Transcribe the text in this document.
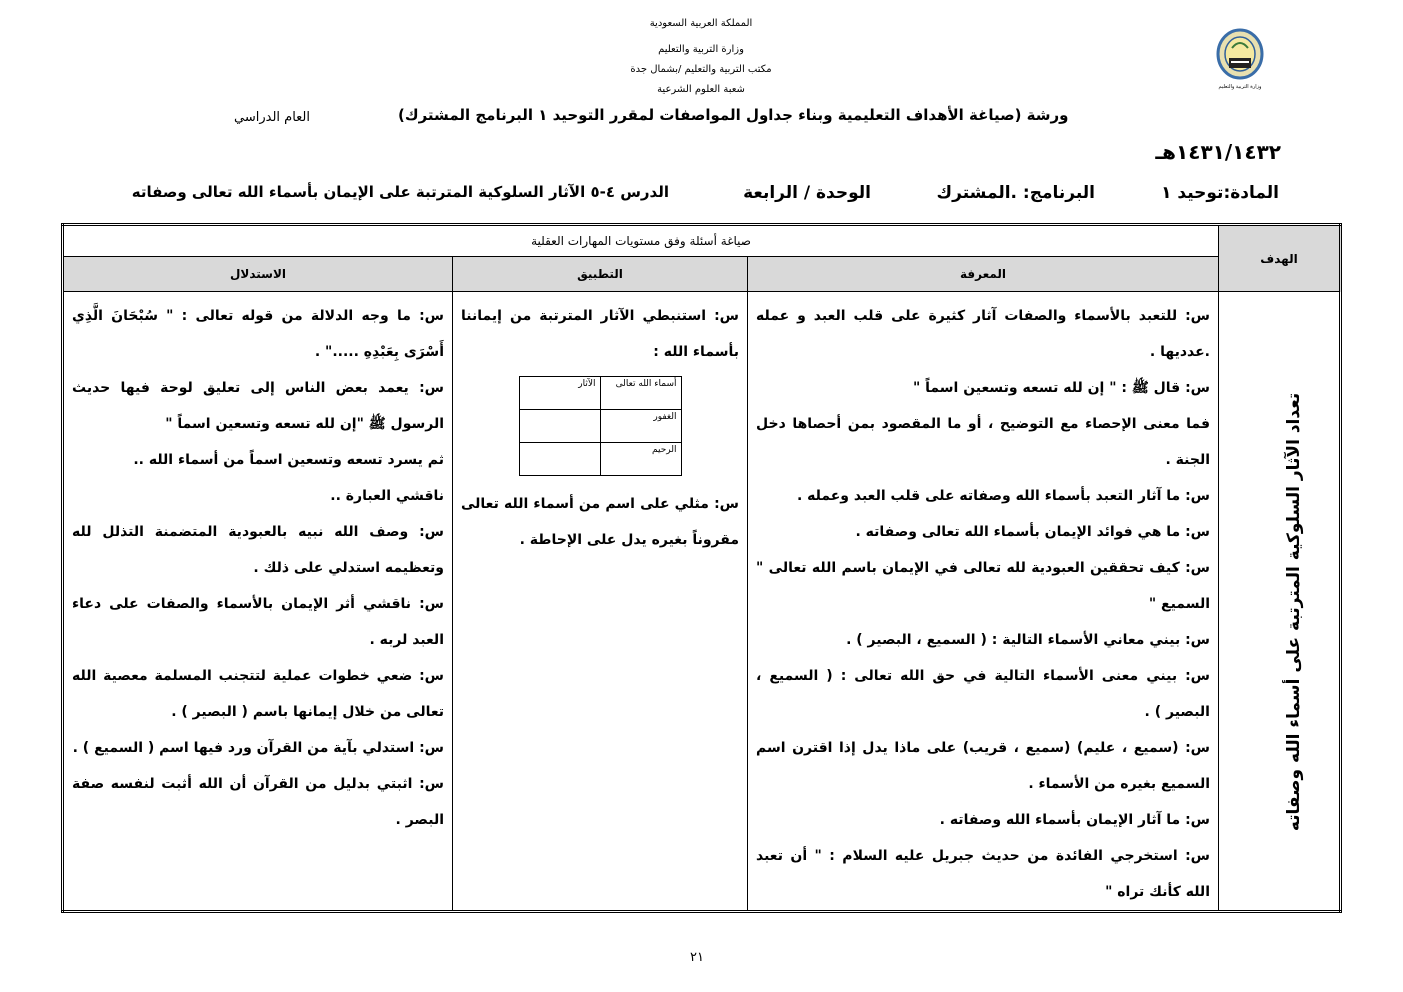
المملكة العربية السعودية
وزارة التربية والتعليم
مكتب التربية والتعليم /بشمال جدة
شعبة العلوم الشرعية	وزارة التربية والتعليم
ورشة (صياغة الأهداف التعليمية وبناء جداول المواصفات لمقرر التوحيد ١ البرنامج المشترك)
العام الدراسي
١٤٣١/١٤٣٢هـ
المادة:توحيد ١
البرنامج: .المشترك
الوحدة / الرابعة
الدرس ٤-٥ الآثار السلوكية المترتبة على الإيمان بأسماء الله تعالى وصفاته
الهدف	صياغة أسئلة وفق مستويات المهارات العقلية
المعرفة	التطبيق	الاستدلال

تعداد الآثار السلوكية المترتبة على أسماء الله وصفاته

س: للتعبد بالأسماء والصفات آثار كثيرة على قلب العبد و عمله .عدديها .
س: قال ﷺ : " إن لله تسعه وتسعين اسماً "
فما معنى الإحصاء مع التوضيح ، أو ما المقصود بمن أحصاها دخل الجنة .
س: ما آثار التعبد بأسماء الله وصفاته على قلب العبد وعمله .
س: ما هي فوائد الإيمان بأسماء الله تعالى وصفاته .
س: كيف تحققين العبودية لله تعالى في الإيمان باسم الله تعالى " السميع "
س: بيني معاني الأسماء التالية : ( السميع ، البصير ) .
س: بيني معنى الأسماء التالية في حق الله تعالى : ( السميع ، البصير ) .
س: (سميع ، عليم) (سميع ، قريب) على ماذا يدل إذا اقترن اسم السميع بغيره من الأسماء .
س: ما آثار الإيمان بأسماء الله وصفاته .
س: استخرجي الفائدة من حديث جبريل عليه السلام : " أن تعبد الله كأنك تراه "

س: استنبطي الآثار المترتبة من إيماننا بأسماء الله :
أسماء الله تعالى	الآثار
الغفور	
الرحيم	
س: مثلي على اسم من أسماء الله تعالى مقروناً بغيره يدل على الإحاطة .

س: ما وجه الدلالة من قوله تعالى : " سُبْحَانَ الَّذِي أَسْرَى بِعَبْدِهِ ....." .
س: يعمد بعض الناس إلى تعليق لوحة فيها حديث الرسول ﷺ "إن لله تسعه وتسعين اسماً "
ثم يسرد تسعه وتسعين اسماً من أسماء الله ..
ناقشي العبارة ..
س: وصف الله نبيه بالعبودية المتضمنة التذلل لله وتعظيمه استدلي على ذلك .
س: ناقشي أثر الإيمان بالأسماء والصفات على دعاء العبد لربه .
س: ضعي خطوات عملية لتتجنب المسلمة معصية الله تعالى من خلال إيمانها باسم ( البصير ) .
س: استدلي بآية من القرآن ورد فيها اسم ( السميع ) .
س: اثبتي بدليل من القرآن أن الله أثبت لنفسه صفة البصر .
٢١
